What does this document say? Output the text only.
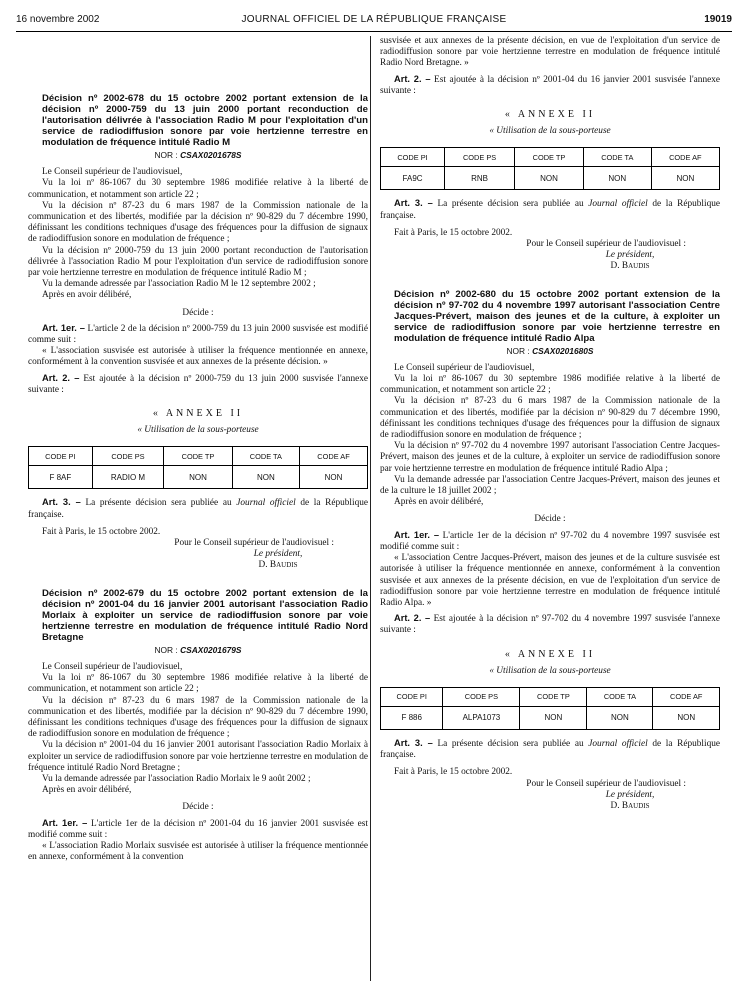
16 novembre 2002	JOURNAL OFFICIEL DE LA RÉPUBLIQUE FRANÇAISE	19019
Décision nº 2002-678 du 15 octobre 2002 portant extension de la décision nº 2000-759 du 13 juin 2000 portant reconduction de l'autorisation délivrée à l'association Radio M pour l'exploitation d'un service de radiodiffusion sonore par voie hertzienne terrestre en modulation de fréquence intitulé Radio M
NOR : CSAX0201678S

Le Conseil supérieur de l'audiovisuel,

Vu la loi nº 86-1067 du 30 septembre 1986 modifiée relative à la liberté de communication, et notamment son article 22 ;

Vu la décision nº 87-23 du 6 mars 1987 de la Commission nationale de la communication et des libertés, modifiée par la décision nº 90-829 du 7 décembre 1990, définissant les conditions techniques d'usage des fréquences pour la diffusion de signaux de radiodiffusion sonore en modulation de fréquence ;

Vu la décision nº 2000-759 du 13 juin 2000 portant reconduction de l'autorisation délivrée à l'association Radio M pour l'exploitation d'un service de radiodiffusion sonore par voie hertzienne terrestre en modulation de fréquence intitulé Radio M ;

Vu la demande adressée par l'association Radio M le 12 septembre 2002 ;

Après en avoir délibéré,

Décide :

Art. 1er. – L'article 2 de la décision nº 2000-759 du 13 juin 2000 susvisée est modifié comme suit :

« L'association susvisée est autorisée à utiliser la fréquence mentionnée en annexe, conformément à la convention susvisée et aux annexes de la présente décision. »

Art. 2. – Est ajoutée à la décision nº 2000-759 du 13 juin 2000 susvisée l'annexe suivante :

« ANNEXE II
« Utilisation de la sous-porteuse
CODE PI	CODE PS	CODE TP	CODE TA	CODE AF
F 8AF	RADIO M	NON	NON	NON

Art. 3. – La présente décision sera publiée au Journal officiel de la République française.

Fait à Paris, le 15 octobre 2002.

Pour le Conseil supérieur de l'audiovisuel :

Le président,

D. Baudis

Décision nº 2002-679 du 15 octobre 2002 portant extension de la décision nº 2001-04 du 16 janvier 2001 autorisant l'association Radio Morlaix à exploiter un service de radiodiffusion sonore par voie hertzienne terrestre en modulation de fréquence intitulé Radio Nord Bretagne
NOR : CSAX0201679S

Le Conseil supérieur de l'audiovisuel,

Vu la loi nº 86-1067 du 30 septembre 1986 modifiée relative à la liberté de communication, et notamment son article 22 ;

Vu la décision nº 87-23 du 6 mars 1987 de la Commission nationale de la communication et des libertés, modifiée par la décision nº 90-829 du 7 décembre 1990, définissant les conditions techniques d'usage des fréquences pour la diffusion de signaux de radiodiffusion sonore en modulation de fréquence ;

Vu la décision nº 2001-04 du 16 janvier 2001 autorisant l'association Radio Morlaix à exploiter un service de radiodiffusion sonore par voie hertzienne terrestre en modulation de fréquence intitulé Radio Nord Bretagne ;

Vu la demande adressée par l'association Radio Morlaix le 9 août 2002 ;

Après en avoir délibéré,

Décide :

Art. 1er. – L'article 1er de la décision nº 2001-04 du 16 janvier 2001 susvisée est modifié comme suit :

« L'association Radio Morlaix susvisée est autorisée à utiliser la fréquence mentionnée en annexe, conformément à la convention

susvisée et aux annexes de la présente décision, en vue de l'exploitation d'un service de radiodiffusion sonore par voie hertzienne terrestre en modulation de fréquence intitulé Radio Nord Bretagne. »

Art. 2. – Est ajoutée à la décision nº 2001-04 du 16 janvier 2001 susvisée l'annexe suivante :

« ANNEXE II
« Utilisation de la sous-porteuse
CODE PI	CODE PS	CODE TP	CODE TA	CODE AF
FA9C	RNB	NON	NON	NON

Art. 3. – La présente décision sera publiée au Journal officiel de la République française.

Fait à Paris, le 15 octobre 2002.

Pour le Conseil supérieur de l'audiovisuel :

Le président,

D. Baudis

Décision nº 2002-680 du 15 octobre 2002 portant extension de la décision nº 97-702 du 4 novembre 1997 autorisant l'association Centre Jacques-Prévert, maison des jeunes et de la culture, à exploiter un service de radiodiffusion sonore par voie hertzienne terrestre en modulation de fréquence intitulé Radio Alpa
NOR : CSAX0201680S

Le Conseil supérieur de l'audiovisuel,

Vu la loi nº 86-1067 du 30 septembre 1986 modifiée relative à la liberté de communication, et notamment son article 22 ;

Vu la décision nº 87-23 du 6 mars 1987 de la Commission nationale de la communication et des libertés, modifiée par la décision nº 90-829 du 7 décembre 1990, définissant les conditions techniques d'usage des fréquences pour la diffusion de signaux de radiodiffusion sonore en modulation de fréquence ;

Vu la décision nº 97-702 du 4 novembre 1997 autorisant l'association Centre Jacques-Prévert, maison des jeunes et de la culture, à exploiter un service de radiodiffusion sonore par voie hertzienne terrestre en modulation de fréquence intitulé Radio Alpa ;

Vu la demande adressée par l'association Centre Jacques-Prévert, maison des jeunes et de la culture le 18 juillet 2002 ;

Après en avoir délibéré,

Décide :

Art. 1er. – L'article 1er de la décision nº 97-702 du 4 novembre 1997 susvisée est modifié comme suit :

« L'association Centre Jacques-Prévert, maison des jeunes et de la culture susvisée est autorisée à utiliser la fréquence mentionnée en annexe, conformément à la convention susvisée et aux annexes de la présente décision, en vue de l'exploitation d'un service de radiodiffusion sonore par voie hertzienne terrestre en modulation de fréquence intitulé Radio Alpa. »

Art. 2. – Est ajoutée à la décision nº 97-702 du 4 novembre 1997 susvisée l'annexe suivante :

« ANNEXE II
« Utilisation de la sous-porteuse
CODE PI	CODE PS	CODE TP	CODE TA	CODE AF
F 886	ALPA1073	NON	NON	NON

Art. 3. – La présente décision sera publiée au Journal officiel de la République française.

Fait à Paris, le 15 octobre 2002.

Pour le Conseil supérieur de l'audiovisuel :

Le président,

D. Baudis
